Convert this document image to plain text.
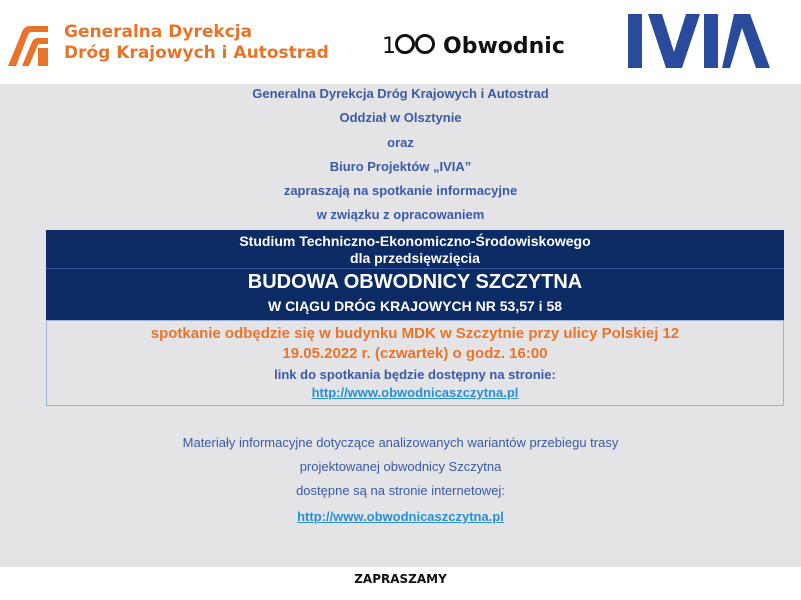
Generalna Dyrekcja
Dróg Krajowych i Autostrad 1	Obwodnic
Generalna Dyrekcja Dróg Krajowych i Autostrad
Oddział w Olsztynie
oraz
Biuro Projektów „IVIA”
zapraszają na spotkanie informacyjne
w związku z opracowaniem
Studium Techniczno-Ekonomiczno-Środowiskowego
dla przedsięwzięcia
BUDOWA OBWODNICY SZCZYTNA
W CIĄGU DRÓG KRAJOWYCH NR 53,57 i 58
spotkanie odbędzie się w budynku MDK w Szczytnie przy ulicy Polskiej 12
19.05.2022 r. (czwartek) o godz. 16:00
link do spotkania będzie dostępny na stronie:
http://www.obwodnicaszczytna.pl
Materiały informacyjne dotyczące analizowanych wariantów przebiegu trasy
projektowanej obwodnicy Szczytna
dostępne są na stronie internetowej:
http://www.obwodnicaszczytna.pl
ZAPRASZAMY
